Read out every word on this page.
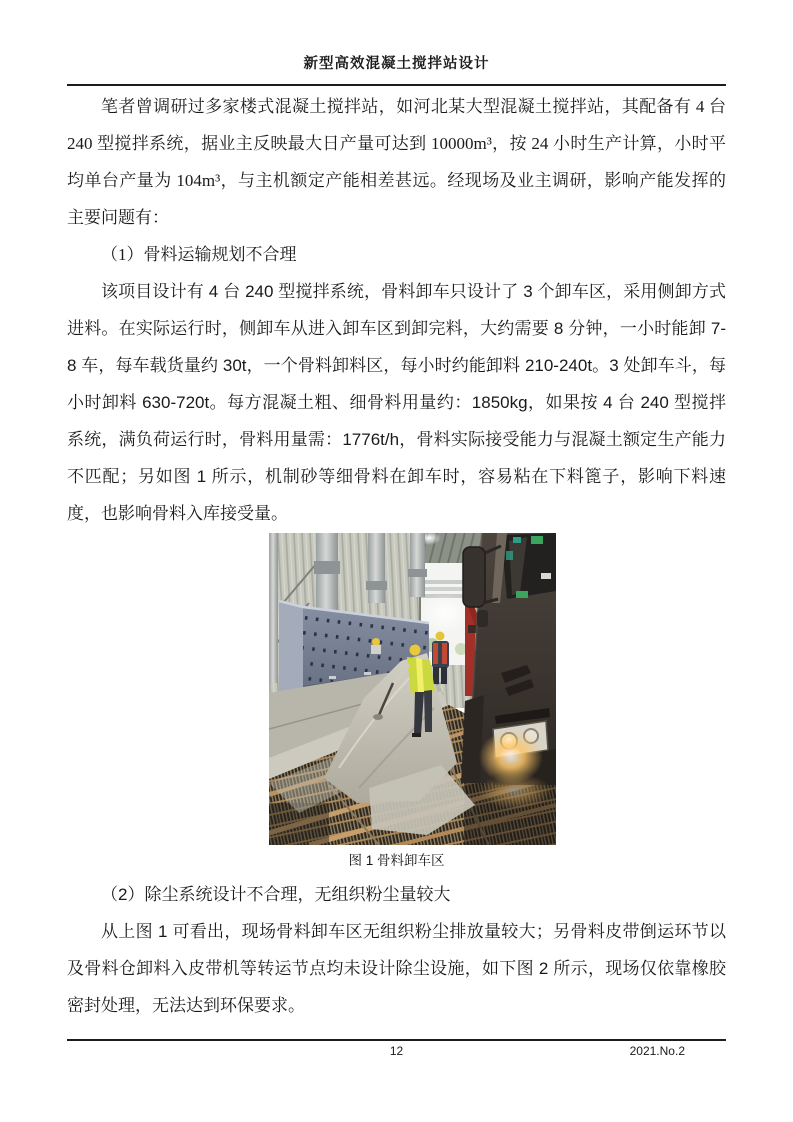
新型高效混凝土搅拌站设计

笔者曾调研过多家楼式混凝土搅拌站，如河北某大型混凝土搅拌站，其配备有 4 台 240 型搅拌系统，据业主反映最大日产量可达到 10000m³，按 24 小时生产计算，小时平均单台产量为 104m³，与主机额定产能相差甚远。经现场及业主调研，影响产能发挥的主要问题有：

（1）骨料运输规划不合理

该项目设计有 4 台 240 型搅拌系统，骨料卸车只设计了 3 个卸车区，采用侧卸方式进料。在实际运行时，侧卸车从进入卸车区到卸完料，大约需要 8 分钟，一小时能卸 7-8 车，每车载货量约 30t，一个骨料卸料区，每小时约能卸料 210-240t。3 处卸车斗，每小时卸料 630-720t。每方混凝土粗、细骨料用量约：1850kg，如果按 4 台 240 型搅拌系统，满负荷运行时，骨料用量需：1776t/h，骨料实际接受能力与混凝土额定生产能力不匹配；另如图 1 所示，机制砂等细骨料在卸车时，容易粘在下料篦子，影响下料速度，也影响骨料入库接受量。

图 1 骨料卸车区

（2）除尘系统设计不合理，无组织粉尘量较大

从上图 1 可看出，现场骨料卸车区无组织粉尘排放量较大；另骨料皮带倒运环节以及骨料仓卸料入皮带机等转运节点均未设计除尘设施，如下图 2 所示，现场仅依靠橡胶密封处理，无法达到环保要求。

12	2021.No.2
